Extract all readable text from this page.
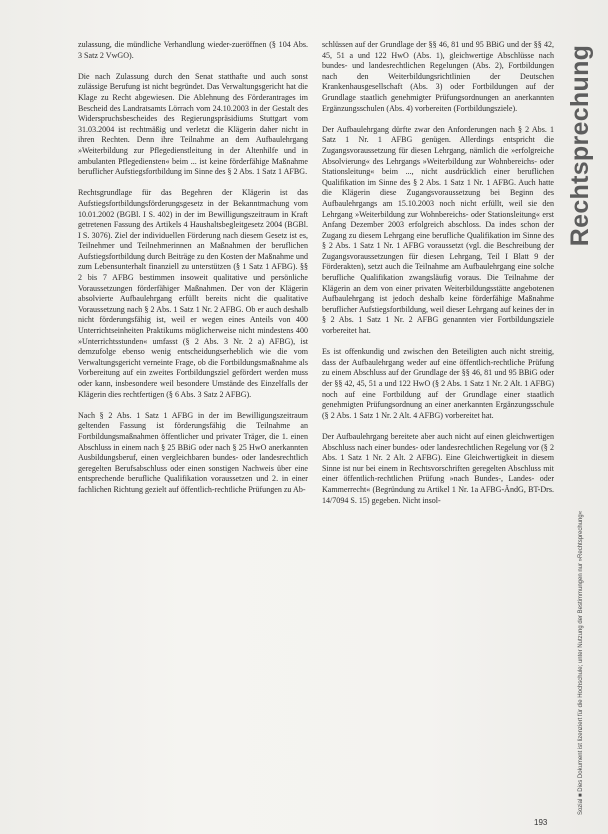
zulassung, die mündliche Verhandlung wieder-zueröffnen (§ 104 Abs. 3 Satz 2 VwGO).

Die nach Zulassung durch den Senat statthafte und auch sonst zulässige Berufung ist nicht begründet. Das Verwaltungsgericht hat die Klage zu Recht abgewiesen. Die Ablehnung des Förderantrages im Bescheid des Landratsamts Lörrach vom 24.10.2003 in der Gestalt des Widerspruchsbescheides des Regierungspräsidiums Stuttgart vom 31.03.2004 ist rechtmäßig und verletzt die Klägerin daher nicht in ihren Rechten. Denn ihre Teilnahme an dem Aufbaulehrgang »Weiterbildung zur Pflegedienstleitung in der Altenhilfe und in ambulanten Pflegediensten« beim ... ist keine förderfähige Maßnahme beruflicher Aufstiegsfortbildung im Sinne des § 2 Abs. 1 Satz 1 AFBG.

Rechtsgrundlage für das Begehren der Klägerin ist das Aufstiegsfortbildungsförderungsgesetz in der Bekanntmachung vom 10.01.2002 (BGBl. I S. 402) in der im Bewilligungszeitraum in Kraft getretenen Fassung des Artikels 4 Haushaltsbegleitgesetz 2004 (BGBl. I S. 3076). Ziel der individuellen Förderung nach diesem Gesetz ist es, Teilnehmer und Teilnehmerinnen an Maßnahmen der beruflichen Aufstiegsfortbildung durch Beiträge zu den Kosten der Maßnahme und zum Lebensunterhalt finanziell zu unterstützen (§ 1 Satz 1 AFBG). §§ 2 bis 7 AFBG bestimmen insoweit qualitative und persönliche Voraussetzungen förderfähiger Maßnahmen. Der von der Klägerin absolvierte Aufbaulehrgang erfüllt bereits nicht die qualitative Voraussetzung nach § 2 Abs. 1 Satz 1 Nr. 2 AFBG. Ob er auch deshalb nicht förderungsfähig ist, weil er wegen eines Anteils von 400 Unterrichtseinheiten Praktikums möglicherweise nicht mindestens 400 »Unterrichtsstunden« umfasst (§ 2 Abs. 3 Nr. 2 a) AFBG), ist demzufolge ebenso wenig entscheidungserheblich wie die vom Verwaltungsgericht verneinte Frage, ob die Fortbildungsmaßnahme als Vorbereitung auf ein zweites Fortbildungsziel gefördert werden muss oder kann, insbesondere weil besondere Umstände des Einzelfalls der Klägerin dies rechtfertigen (§ 6 Abs. 3 Satz 2 AFBG).

Nach § 2 Abs. 1 Satz 1 AFBG in der im Bewilligungszeitraum geltenden Fassung ist förderungsfähig die Teilnahme an Fortbildungsmaßnahmen öffentlicher und privater Träger, die 1. einen Abschluss in einem nach § 25 BBiG oder nach § 25 HwO anerkannten Ausbildungsberuf, einen vergleichbaren bundes- oder landesrechtlich geregelten Berufsabschluss oder einen sonstigen Nachweis über eine entsprechende berufliche Qualifikation voraussetzen und 2. in einer fachlichen Richtung gezielt auf öffentlich-rechtliche Prüfungen zu Ab-

schlüssen auf der Grundlage der §§ 46, 81 und 95 BBiG und der §§ 42, 45, 51 a und 122 HwO (Abs. 1), gleichwertige Abschlüsse nach bundes- und landesrechtlichen Regelungen (Abs. 2), Fortbildungen nach den Weiterbildungsrichtlinien der Deutschen Krankenhausgesellschaft (Abs. 3) oder Fortbildungen auf der Grundlage staatlich genehmigter Prüfungsordnungen an anerkannten Ergänzungsschulen (Abs. 4) vorbereiten (Fortbildungsziele).

Der Aufbaulehrgang dürfte zwar den Anforderungen nach § 2 Abs. 1 Satz 1 Nr. 1 AFBG genügen. Allerdings entspricht die Zugangsvoraussetzung für diesen Lehrgang, nämlich die »erfolgreiche Absolvierung« des Lehrgangs »Weiterbildung zur Wohnbereichs- oder Stationsleitung« beim ..., nicht ausdrücklich einer beruflichen Qualifikation im Sinne des § 2 Abs. 1 Satz 1 Nr. 1 AFBG. Auch hatte die Klägerin diese Zugangsvoraussetzung bei Beginn des Aufbaulehrgangs am 15.10.2003 noch nicht erfüllt, weil sie den Lehrgang »Weiterbildung zur Wohnbereichs- oder Stationsleitung« erst Anfang Dezember 2003 erfolgreich abschloss. Da indes schon der Zugang zu diesem Lehrgang eine berufliche Qualifikation im Sinne des § 2 Abs. 1 Satz 1 Nr. 1 AFBG voraussetzt (vgl. die Beschreibung der Zugangsvoraussetzungen für diesen Lehrgang, Teil I Blatt 9 der Förderakten), setzt auch die Teilnahme am Aufbaulehrgang eine solche berufliche Qualifikation zwangsläufig voraus. Die Teilnahme der Klägerin an dem von einer privaten Weiterbildungsstätte angebotenen Aufbaulehrgang ist jedoch deshalb keine förderfähige Maßnahme beruflicher Aufstiegsfortbildung, weil dieser Lehrgang auf keines der in § 2 Abs. 1 Satz 1 Nr. 2 AFBG genannten vier Fortbildungsziele vorbereitet hat.

Es ist offenkundig und zwischen den Beteiligten auch nicht streitig, dass der Aufbaulehrgang weder auf eine öffentlich-rechtliche Prüfung zu einem Abschluss auf der Grundlage der §§ 46, 81 und 95 BBiG oder der §§ 42, 45, 51 a und 122 HwO (§ 2 Abs. 1 Satz 1 Nr. 2 Alt. 1 AFBG) noch auf eine Fortbildung auf der Grundlage einer staatlich genehmigten Prüfungsordnung an einer anerkannten Ergänzungsschule (§ 2 Abs. 1 Satz 1 Nr. 2 Alt. 4 AFBG) vorbereitet hat.

Der Aufbaulehrgang bereitete aber auch nicht auf einen gleichwertigen Abschluss nach einer bundes- oder landesrechtlichen Regelung vor (§ 2 Abs. 1 Satz 1 Nr. 2 Alt. 2 AFBG). Eine Gleichwertigkeit in diesem Sinne ist nur bei einem in Rechtsvorschriften geregelten Abschluss mit einer öffentlich-rechtlichen Prüfung »nach Bundes-, Landes- oder Kammerrecht« (Begründung zu Artikel 1 Nr. 1a AFBG-ÄndG, BT-Drs. 14/7094 S. 15) gegeben. Nicht insol-

Rechtsprechung
Sozial ■ Dies Dokument ist lizenziert für die Hochschule; unter Nutzung der Bestimmungen nur »Rechtsprechung«
193
